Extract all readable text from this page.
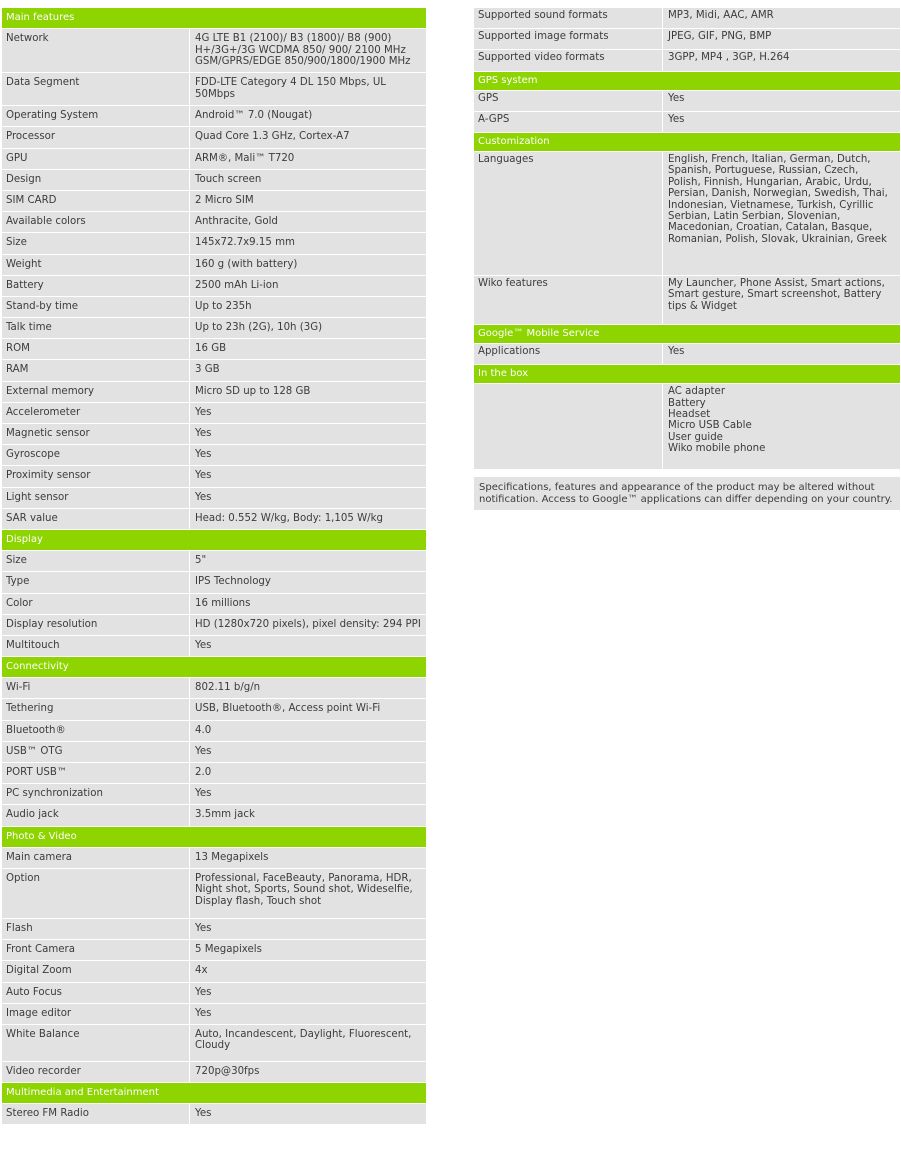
Main features
Network	4G LTE B1 (2100)/ B3 (1800)/ B8 (900)
H+/3G+/3G WCDMA 850/ 900/ 2100 MHz
GSM/GPRS/EDGE 850/900/1800/1900 MHz
Data Segment	FDD-LTE Category 4 DL 150 Mbps, UL
50Mbps
Operating System	Android™ 7.0 (Nougat)
Processor	Quad Core 1.3 GHz, Cortex-A7
GPU	ARM®, Mali™ T720
Design	Touch screen
SIM CARD	2 Micro SIM
Available colors	Anthracite, Gold
Size	145x72.7x9.15 mm
Weight	160 g (with battery)
Battery	2500 mAh Li-ion
Stand-by time	Up to 235h
Talk time	Up to 23h (2G), 10h (3G)
ROM	16 GB
RAM	3 GB
External memory	Micro SD up to 128 GB
Accelerometer	Yes
Magnetic sensor	Yes
Gyroscope	Yes
Proximity sensor	Yes
Light sensor	Yes
SAR value	Head: 0.552 W/kg, Body: 1,105 W/kg
Display
Size	5"
Type	IPS Technology
Color	16 millions
Display resolution	HD (1280x720 pixels), pixel density: 294 PPI
Multitouch	Yes
Connectivity
Wi-Fi	802.11 b/g/n
Tethering	USB, Bluetooth®, Access point Wi-Fi
Bluetooth®	4.0
USB™ OTG	Yes
PORT USB™	2.0
PC synchronization	Yes
Audio jack	3.5mm jack
Photo & Video
Main camera	13 Megapixels
Option	Professional, FaceBeauty, Panorama, HDR,
Night shot, Sports, Sound shot, Wideselfie,
Display flash, Touch shot
Flash	Yes
Front Camera	5 Megapixels
Digital Zoom	4x
Auto Focus	Yes
Image editor	Yes
White Balance	Auto, Incandescent, Daylight, Fluorescent,
Cloudy
Video recorder	720p@30fps
Multimedia and Entertainment
Stereo FM Radio	Yes
Supported sound formats	MP3, Midi, AAC, AMR
Supported image formats	JPEG, GIF, PNG, BMP
Supported video formats	3GPP, MP4 , 3GP, H.264
GPS system
GPS	Yes
A-GPS	Yes
Customization
Languages	English, French, Italian, German, Dutch,
Spanish, Portuguese, Russian, Czech,
Polish, Finnish, Hungarian, Arabic, Urdu,
Persian, Danish, Norwegian, Swedish, Thai,
Indonesian, Vietnamese, Turkish, Cyrillic
Serbian, Latin Serbian, Slovenian,
Macedonian, Croatian, Catalan, Basque,
Romanian, Polish, Slovak, Ukrainian, Greek
Wiko features	My Launcher, Phone Assist, Smart actions,
Smart gesture, Smart screenshot, Battery
tips & Widget
Google™ Mobile Service
Applications	Yes
In the box
AC adapter
Battery
Headset
Micro USB Cable
User guide
Wiko mobile phone
Specifications, features and appearance of the product may be altered without notification. Access to Google™ applications can differ depending on your country.
